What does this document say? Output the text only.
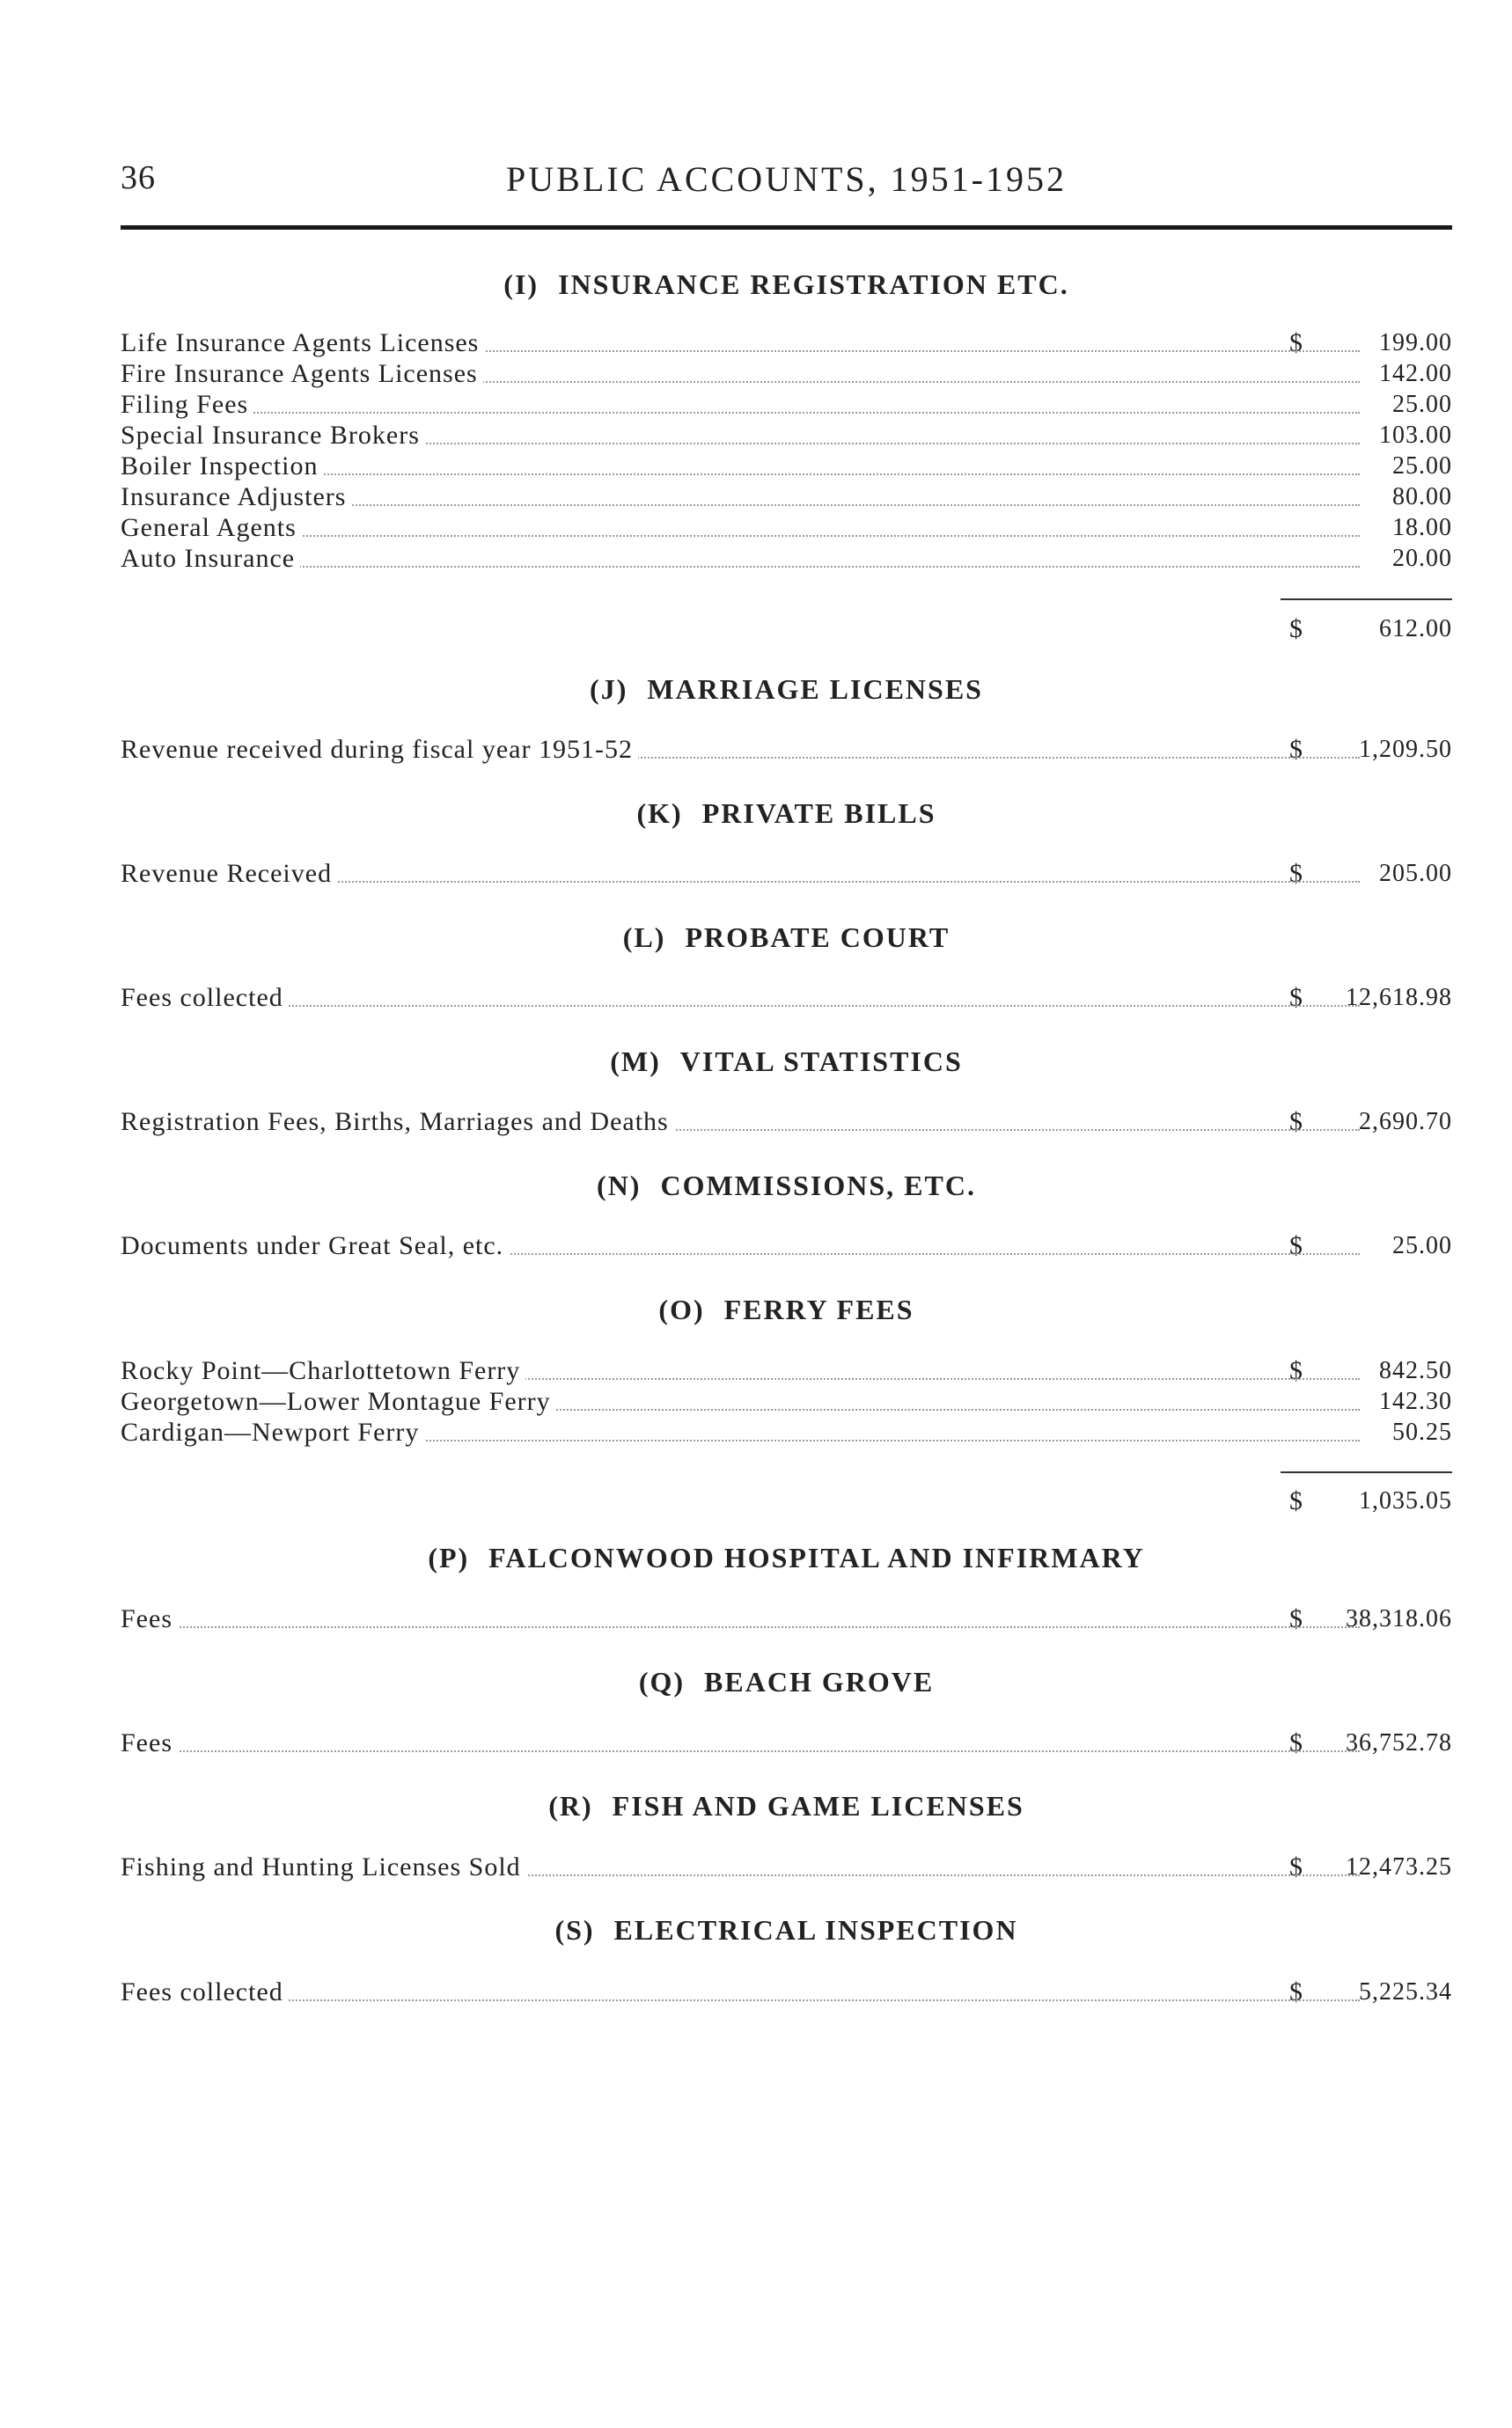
36	PUBLIC ACCOUNTS, 1951-1952
(I) INSURANCE REGISTRATION ETC.
Life Insurance Agents Licenses	$	199.00
Fire Insurance Agents Licenses	142.00
Filing Fees	25.00
Special Insurance Brokers	103.00
Boiler Inspection	25.00
Insurance Adjusters	80.00
General Agents	18.00
Auto Insurance	20.00
$	612.00
(J) MARRIAGE LICENSES
Revenue received during fiscal year 1951-52	$ 1,209.50
(K) PRIVATE BILLS
Revenue Received	$	205.00
(L) PROBATE COURT
Fees collected	$ 12,618.98
(M) VITAL STATISTICS
Registration Fees, Births, Marriages and Deaths	$ 2,690.70
(N) COMMISSIONS, ETC.
Documents under Great Seal, etc.	$	25.00
(O) FERRY FEES
Rocky Point—Charlottetown Ferry	$	842.50
Georgetown—Lower Montague Ferry	142.30
Cardigan—Newport Ferry	50.25
$ 1,035.05
(P) FALCONWOOD HOSPITAL AND INFIRMARY
Fees	$ 38,318.06
(Q) BEACH GROVE
Fees	$ 36,752.78
(R) FISH AND GAME LICENSES
Fishing and Hunting Licenses Sold	$ 12,473.25
(S) ELECTRICAL INSPECTION
Fees collected	$ 5,225.34
